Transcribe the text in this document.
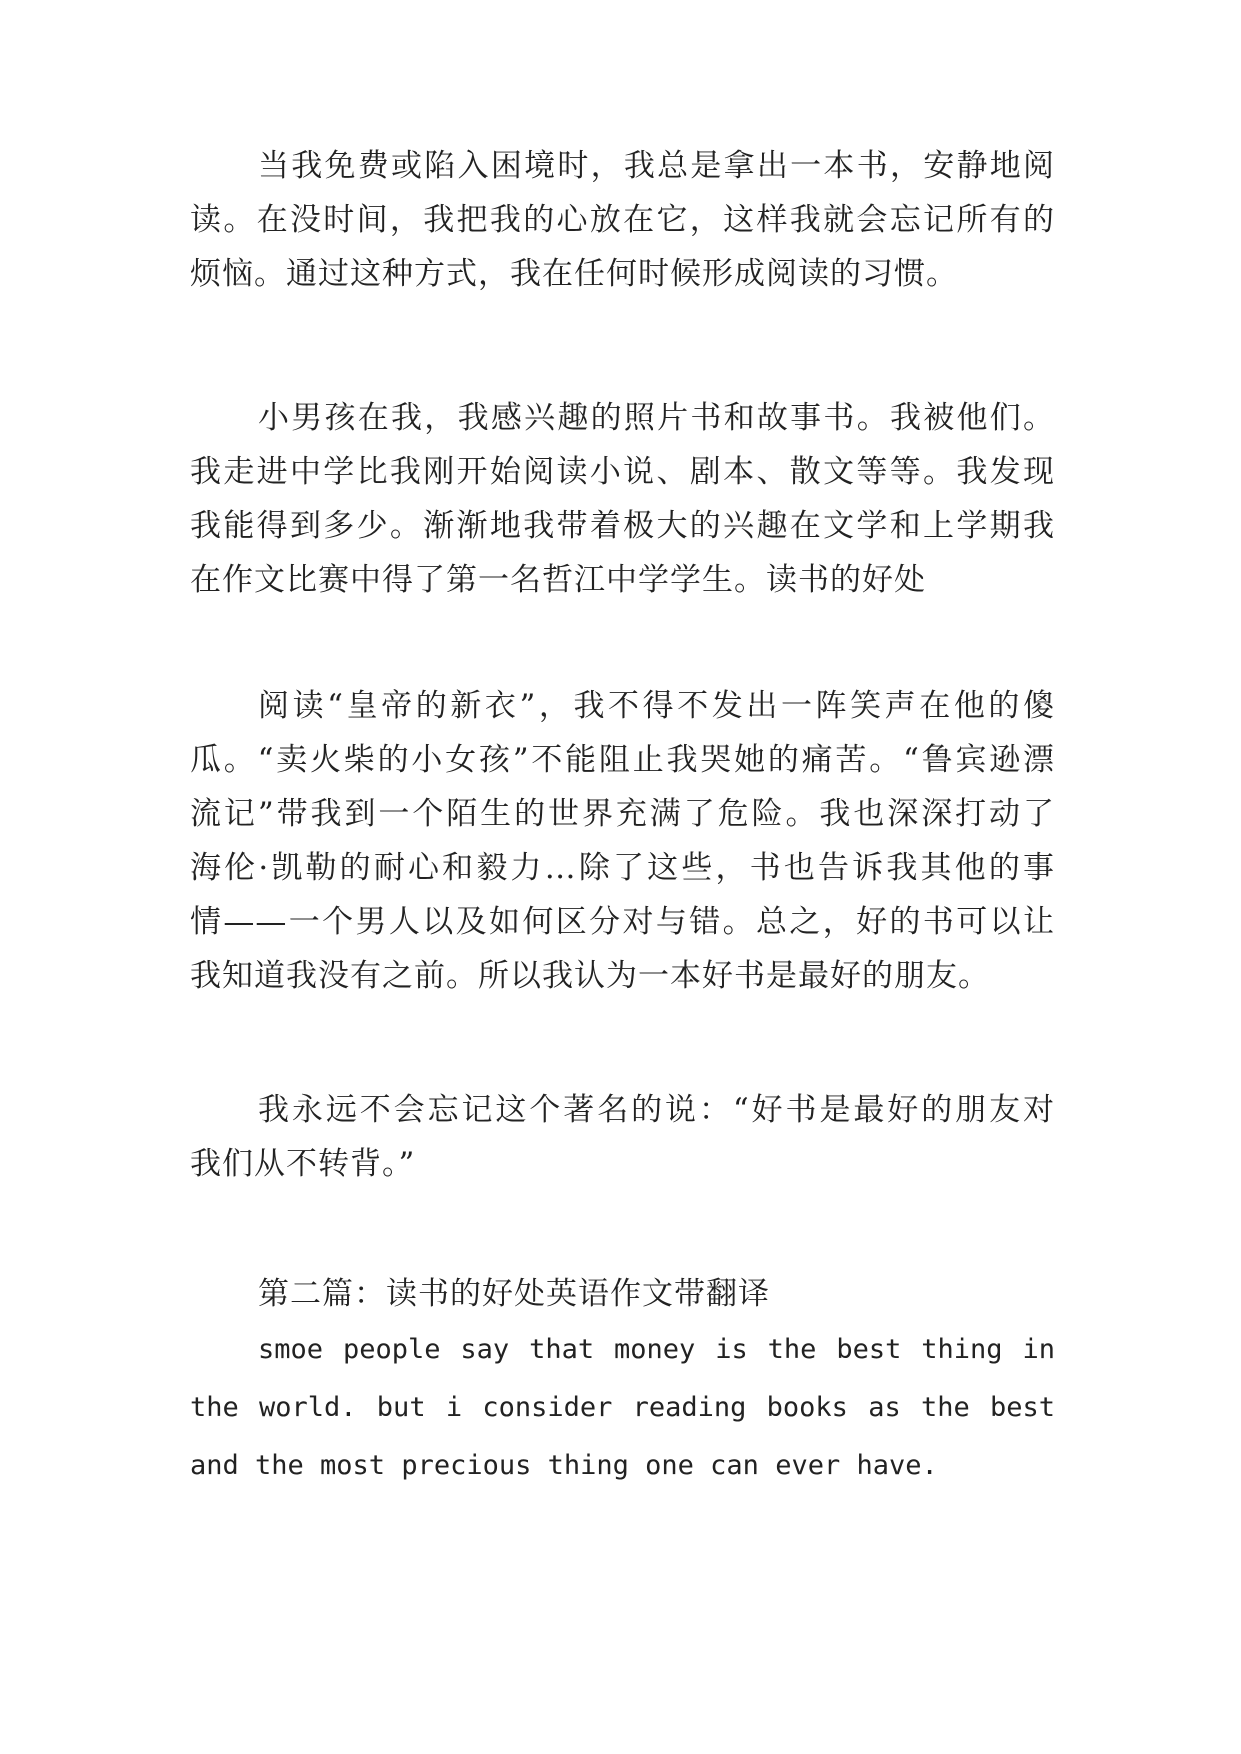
当我免费或陷入困境时，我总是拿出一本书，安静地阅
读。在没时间，我把我的心放在它，这样我就会忘记所有的
烦恼。通过这种方式，我在任何时候形成阅读的习惯。
小男孩在我，我感兴趣的照片书和故事书。我被他们。
我走进中学比我刚开始阅读小说、剧本、散文等等。我发现
我能得到多少。渐渐地我带着极大的兴趣在文学和上学期我
在作文比赛中得了第一名哲江中学学生。读书的好处
阅读“皇帝的新衣”，我不得不发出一阵笑声在他的傻
瓜。“卖火柴的小女孩”不能阻止我哭她的痛苦。“鲁宾逊漂
流记”带我到一个陌生的世界充满了危险。我也深深打动了
海伦·凯勒的耐心和毅力…除了这些，书也告诉我其他的事
情——一个男人以及如何区分对与错。总之，好的书可以让
我知道我没有之前。所以我认为一本好书是最好的朋友。
我永远不会忘记这个著名的说：“好书是最好的朋友对
我们从不转背。”
第二篇：读书的好处英语作文带翻译
smoe people say that money is the best thing in
the world. but i consider reading books as the best
and the most precious thing one can ever have.
